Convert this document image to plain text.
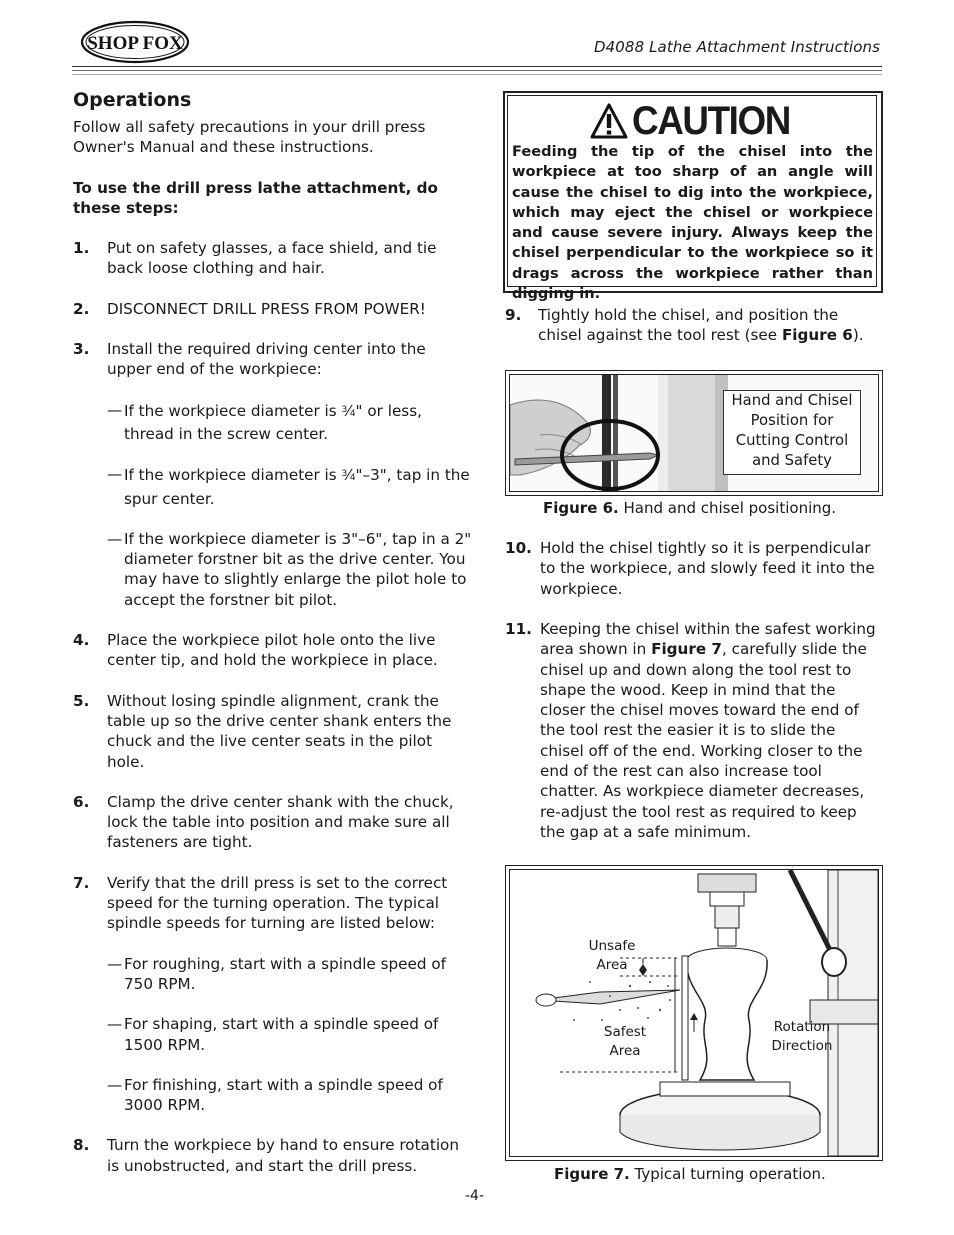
SHOP FOX	D4088 Lathe Attachment Instructions
Operations

Follow all safety precautions in your drill press Owner's Manual and these instructions.

To use the drill press lathe attachment, do these steps:

1.	Put on safety glasses, a face shield, and tie back loose clothing and hair.
2.	DISCONNECT DRILL PRESS FROM POWER!
3.	Install the required driving center into the upper end of the workpiece:
— If the workpiece diameter is $^3$⁄4" or less, thread in the screw center.
— If the workpiece diameter is $^3$⁄4"–3", tap in the spur center.
— If the workpiece diameter is 3"–6", tap in a 2" diameter forstner bit as the drive center. You may have to slightly enlarge the pilot hole to accept the forstner bit pilot.
4.	Place the workpiece pilot hole onto the live center tip, and hold the workpiece in place.
5.	Without losing spindle alignment, crank the table up so the drive center shank enters the chuck and the live center seats in the pilot hole.
6.	Clamp the drive center shank with the chuck, lock the table into position and make sure all fasteners are tight.
7.	Verify that the drill press is set to the correct speed for the turning operation. The typical spindle speeds for turning are listed below:
— For roughing, start with a spindle speed of 750 RPM.
— For shaping, start with a spindle speed of 1500 RPM.
— For finishing, start with a spindle speed of 3000 RPM.
8.	Turn the workpiece by hand to ensure rotation is unobstructed, and start the drill press.
CAUTION
Feeding the tip of the chisel into the workpiece at too sharp of an angle will cause the chisel to dig into the workpiece, which may eject the chisel or workpiece and cause severe injury. Always keep the chisel perpendicular to the workpiece so it drags across the workpiece rather than digging in.
9.	Tightly hold the chisel, and position the chisel against the tool rest (see Figure 6).
Hand and Chisel Position for Cutting Control and Safety
Figure 6. Hand and chisel positioning.
10. Hold the chisel tightly so it is perpendicular to the workpiece, and slowly feed it into the workpiece.
11. Keeping the chisel within the safest working area shown in Figure 7, carefully slide the chisel up and down along the tool rest to shape the wood. Keep in mind that the closer the chisel moves toward the end of the tool rest the easier it is to slide the chisel off of the end. Working closer to the end of the rest can also increase tool chatter. As workpiece diameter decreases, re-adjust the tool rest as required to keep the gap at a safe minimum.
Unsafe Area
Safest Area
Rotation Direction
Figure 7. Typical turning operation.
-4-
